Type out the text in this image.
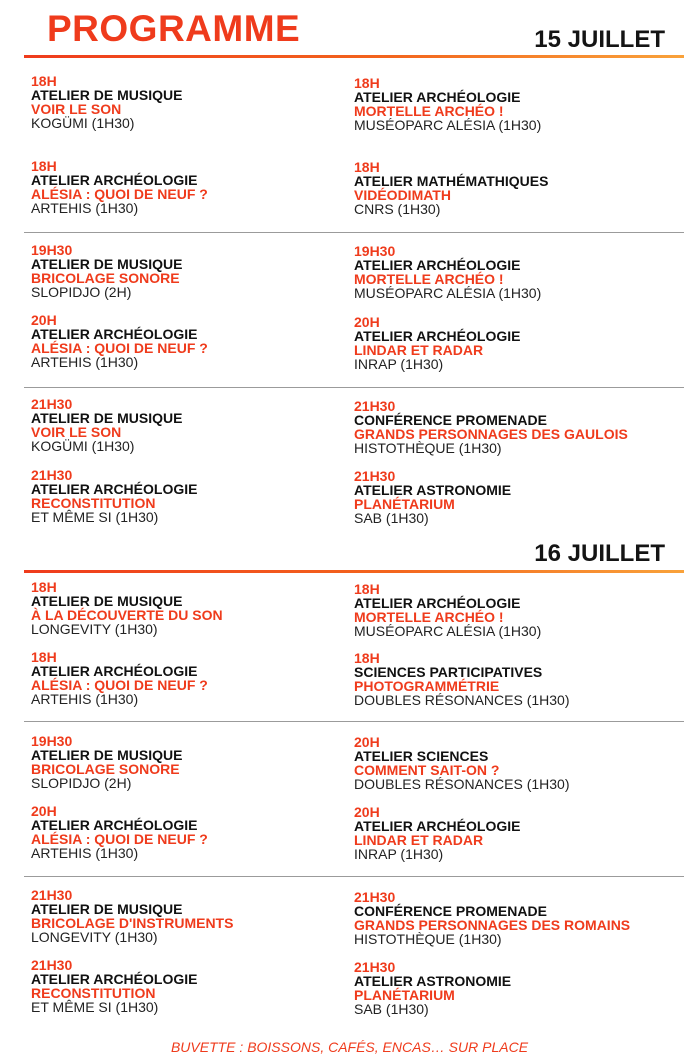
PROGRAMME	15 JUILLET
18H
ATELIER DE MUSIQUE
VOIR LE SON
KOGÜMI (1H30)
18H
ATELIER ARCHÉOLOGIE
MORTELLE ARCHÉO !
MUSÉOPARC ALÉSIA (1H30)
18H
ATELIER ARCHÉOLOGIE
ALÉSIA : QUOI DE NEUF ?
ARTEHIS (1H30)
18H
ATELIER MATHÉMATHIQUES
VIDÉODIMATH
CNRS (1H30)
19H30
ATELIER DE MUSIQUE
BRICOLAGE SONORE
SLOPIDJO (2H)
19H30
ATELIER ARCHÉOLOGIE
MORTELLE ARCHÉO !
MUSÉOPARC ALÉSIA (1H30)
20H
ATELIER ARCHÉOLOGIE
ALÉSIA : QUOI DE NEUF ?
ARTEHIS (1H30)
20H
ATELIER ARCHÉOLOGIE
LINDAR ET RADAR
INRAP (1H30)
21H30
ATELIER DE MUSIQUE
VOIR LE SON
KOGÜMI (1H30)
21H30
CONFÉRENCE PROMENADE
GRANDS PERSONNAGES DES GAULOIS
HISTOTHÈQUE (1H30)
21H30
ATELIER ARCHÉOLOGIE
RECONSTITUTION
ET MÊME SI (1H30)
21H30
ATELIER ASTRONOMIE
PLANÉTARIUM
SAB (1H30)
16 JUILLET
18H
ATELIER DE MUSIQUE
À LA DÉCOUVERTE DU SON
LONGEVITY (1H30)
18H
ATELIER ARCHÉOLOGIE
MORTELLE ARCHÉO !
MUSÉOPARC ALÉSIA (1H30)
18H
ATELIER ARCHÉOLOGIE
ALÉSIA : QUOI DE NEUF ?
ARTEHIS (1H30)
18H
SCIENCES PARTICIPATIVES
PHOTOGRAMMÉTRIE
DOUBLES RÉSONANCES (1H30)
19H30
ATELIER DE MUSIQUE
BRICOLAGE SONORE
SLOPIDJO (2H)
20H
ATELIER SCIENCES
COMMENT SAIT-ON ?
DOUBLES RÉSONANCES (1H30)
20H
ATELIER ARCHÉOLOGIE
ALÉSIA : QUOI DE NEUF ?
ARTEHIS (1H30)
20H
ATELIER ARCHÉOLOGIE
LINDAR ET RADAR
INRAP (1H30)
21H30
ATELIER DE MUSIQUE
BRICOLAGE D'INSTRUMENTS
LONGEVITY (1H30)
21H30
CONFÉRENCE PROMENADE
GRANDS PERSONNAGES DES ROMAINS
HISTOTHÈQUE (1H30)
21H30
ATELIER ARCHÉOLOGIE
RECONSTITUTION
ET MÊME SI (1H30)
21H30
ATELIER ASTRONOMIE
PLANÉTARIUM
SAB (1H30)
BUVETTE : BOISSONS, CAFÉS, ENCAS… SUR PLACE
